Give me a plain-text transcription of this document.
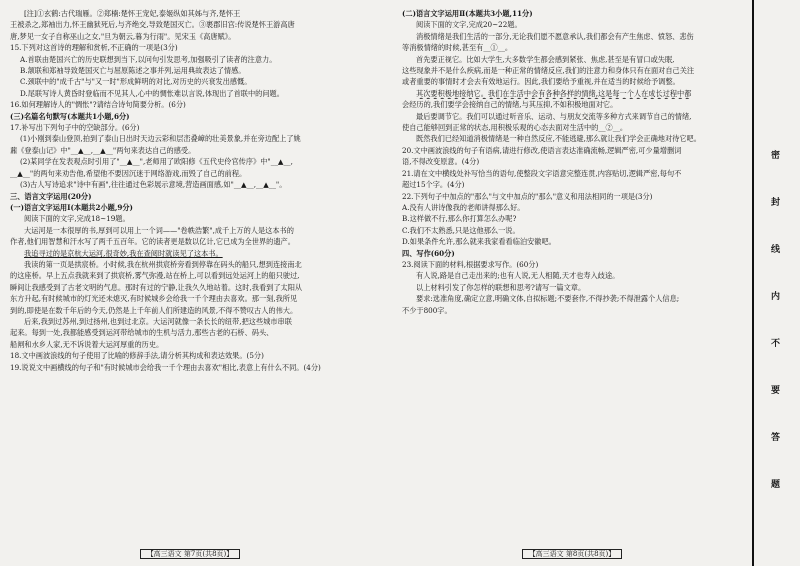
[注]①玄鹤:古代瑞雁。②郑楠:楚怀王宠妃,泰姬纵如其姊与齐,楚怀王
王被杀之,郑袖出力,怀王幽狱死后,与齐绝交,导致楚国灭亡。③裹郡旧宫:传说楚怀王游高唐
唐,梦见一女子自称巫山之女,"旦为朝云,暮为行雨"。见宋玉《高唐赋》。
15.下列对这首诗的理解和赏析,不正确的一项是(3分)
A.首联由楚国兴亡的历史联想到当下,以问句引发思考,加强吸引了读者的注意力。
B.颔联和郑袖导致楚国灭亡与屈原陈述之事并列,运用典故表达了情感。
C.颈联中的"成千古"与"又一时"形成鲜明的对比,对历史的兴衰发出感慨。
D.尾联写诗人黄昏时登临而不见其人,心中的惆怅难以言说,体现出了首联中的问题。
16.如何理解诗人的"惆怅"?请结合诗句简要分析。(6分)
(三)名篇名句默写(本题共1小题,6分)
17.补写出下列句子中的空缺部分。(6分)
(1)小刚到泰山登顶,拍到了泰山日出时天边云彩和层峦叠嶂的壮美景象,并在旁边配上了姚
鼐《登泰山记》中"__▲__,__▲__"两句来表达自己的感受。
(2)某同学在发表观点时引用了"__▲__",老师用了欧阳修《五代史伶官传序》中"__▲__,
__▲__"的两句来劝告他,希望他不要因沉迷于网络游戏,而毁了自己的前程。
(3)古人写诗追求"诗中有画",往往通过色彩展示意境,营造画面感,如"__▲__,__▲__"。
三、语言文字运用(20分)
(一)语言文字运用Ⅰ(本题共2小题,9分)
阅读下面的文字,完成18~19题。
大运河是一本很厚的书,厚到可以用上一个词——"卷帙浩繁",成千上万的人是这本书的
作者,他们用智慧和汗水写了两千五百年。它的读者更是数以亿计,它已成为全世界的遗产。
我追寻过的是京杭大运河,很奇妙,我在查阅时就读见了这本书。
我读的第一页是拱宸桥。小时候,我在杭州拱宸桥旁看到停靠在码头的船只,想到连接南北
的这座桥。早上五点我就来到了拱宸桥,雾气弥漫,站在桥上,可以看到远处运河上的船只驶过,
瞬间让我感受到了古老文明的气息。那时有过的宁静,让我久久地站着。这时,我看到了太阳从
东方升起,有时候城市的灯光还未熄灭,有时候城乡会给我一千个理由去喜欢。那一刻,我所见
到的,即使是在数千年后的今天,仍然是上千年前人们所建造的风景,不得不赞叹古人的伟大。
后来,我到过苏州,到过扬州,也到过北京。大运河就像一条长长的纽带,把这些城市串联
起来。每到一处,我都能感受到运河带给城市的生机与活力,那些古老的石桥、码头、
船闸和水乡人家,无不诉说着大运河厚重的历史。
18.文中画波浪线的句子使用了比喻的修辞手法,请分析其构成和表达效果。(5分)
19.说说文中画横线的句子和"有时候城市会给我一千个理由去喜欢"相比,表意上有什么不同。(4分)
【高三语文 第7页(共8页)】
(二)语言文字运用Ⅱ(本题共3小题,11分)
阅读下面的文字,完成20~22题。
消极情绪是我们生活的一部分,无论我们愿不愿意承认,我们都会有产生焦虑、愤怒、悲伤
等消极情绪的时候,甚至有__①__。
首先要正视它。比如大学生,大多数学生都会感到紧张、焦虑,甚至是有冒口或失眠,
这些现象并不是什么疾病,而是一种正常的情绪反应,我们的注意力和身体只有在面对自己关注
或者重要的事情时才会去有效地运行。因此,我们要给予重视,并在适当的时候给予调整。
其次要积极地接纳它。我们在生活中会有各种各样的情绪,这是每一个人在成长过程中都
会经历的,我们要学会接纳自己的情绪,与其压抑,不如积极地面对它。
最后要调节它。我们可以通过听音乐、运动、与朋友交流等多种方式来调节自己的情绪,
使自己能够回到正常的状态,用积极乐观的心态去面对生活中的__②__。
既然我们已经知道消极情绪是一种自然反应,不能逃避,那么就让我们学会正确地对待它吧。
20.文中画波浪线的句子有语病,请进行修改,使语言表达准确流畅,逻辑严密,可少量增删词
语,不得改变原意。(4分)
21.请在文中横线处补写恰当的语句,使整段文字语意完整连贯,内容贴切,逻辑严密,每句不
超过15个字。(4分)
22.下列句子中加点的"那么"与文中加点的"那么"意义和用法相同的一项是(3分)
A.没有人讲诗像我的老师讲得那么好。
B.这样做不行,那么你打算怎么办呢?
C.我们不太熟悉,只是这他那么一说。
D.如果条件允许,那么就来我家看看临泊安徽吧。
四、写作(60分)
23.阅读下面的材料,根据要求写作。(60分)
有人说,路是自己走出来的;也有人说,无人相随,天才也寿入歧途。
以上材料引发了你怎样的联想和思考?请写一篇文章。
要求:选准角度,确定立意,明确文体,自拟标题;不要套作,不得抄袭;不得泄露个人信息;
不少于800字。
【高三语文 第8页(共8页)】
密封线内不要答题
